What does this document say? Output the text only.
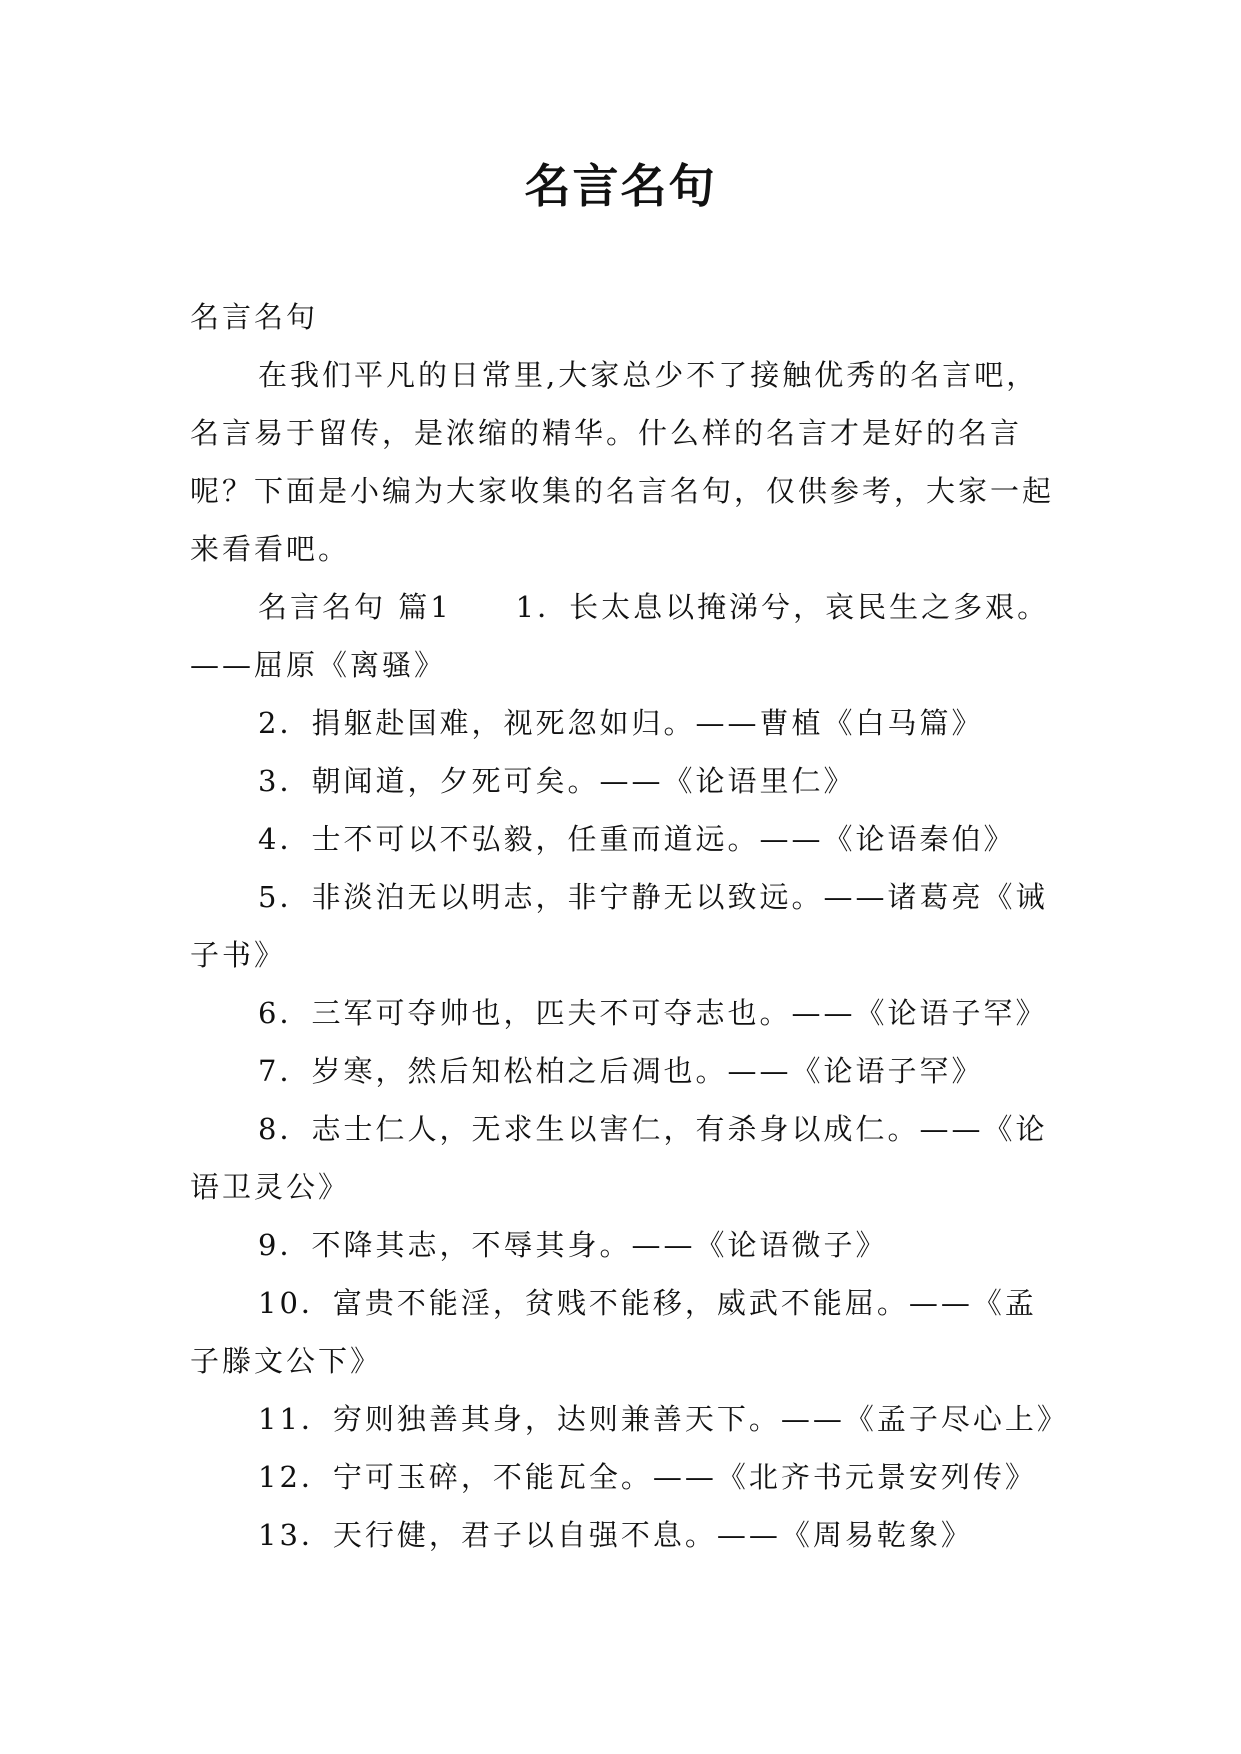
名言名句

名言名句

在我们平凡的日常里,大家总少不了接触优秀的名言吧，名言易于留传，是浓缩的精华。什么样的名言才是好的名言呢？下面是小编为大家收集的名言名句，仅供参考，大家一起来看看吧。

名言名句 篇1　　1．长太息以掩涕兮，哀民生之多艰。——屈原《离骚》

2．捐躯赴国难，视死忽如归。——曹植《白马篇》

3．朝闻道，夕死可矣。——《论语里仁》

4．士不可以不弘毅，任重而道远。——《论语秦伯》

5．非淡泊无以明志，非宁静无以致远。——诸葛亮《诫子书》

6．三军可夺帅也，匹夫不可夺志也。——《论语子罕》

7．岁寒，然后知松柏之后凋也。——《论语子罕》

8．志士仁人，无求生以害仁，有杀身以成仁。——《论语卫灵公》

9．不降其志，不辱其身。——《论语微子》

10．富贵不能淫，贫贱不能移，威武不能屈。——《孟子滕文公下》

11．穷则独善其身，达则兼善天下。——《孟子尽心上》

12．宁可玉碎，不能瓦全。——《北齐书元景安列传》

13．天行健，君子以自强不息。——《周易乾象》
